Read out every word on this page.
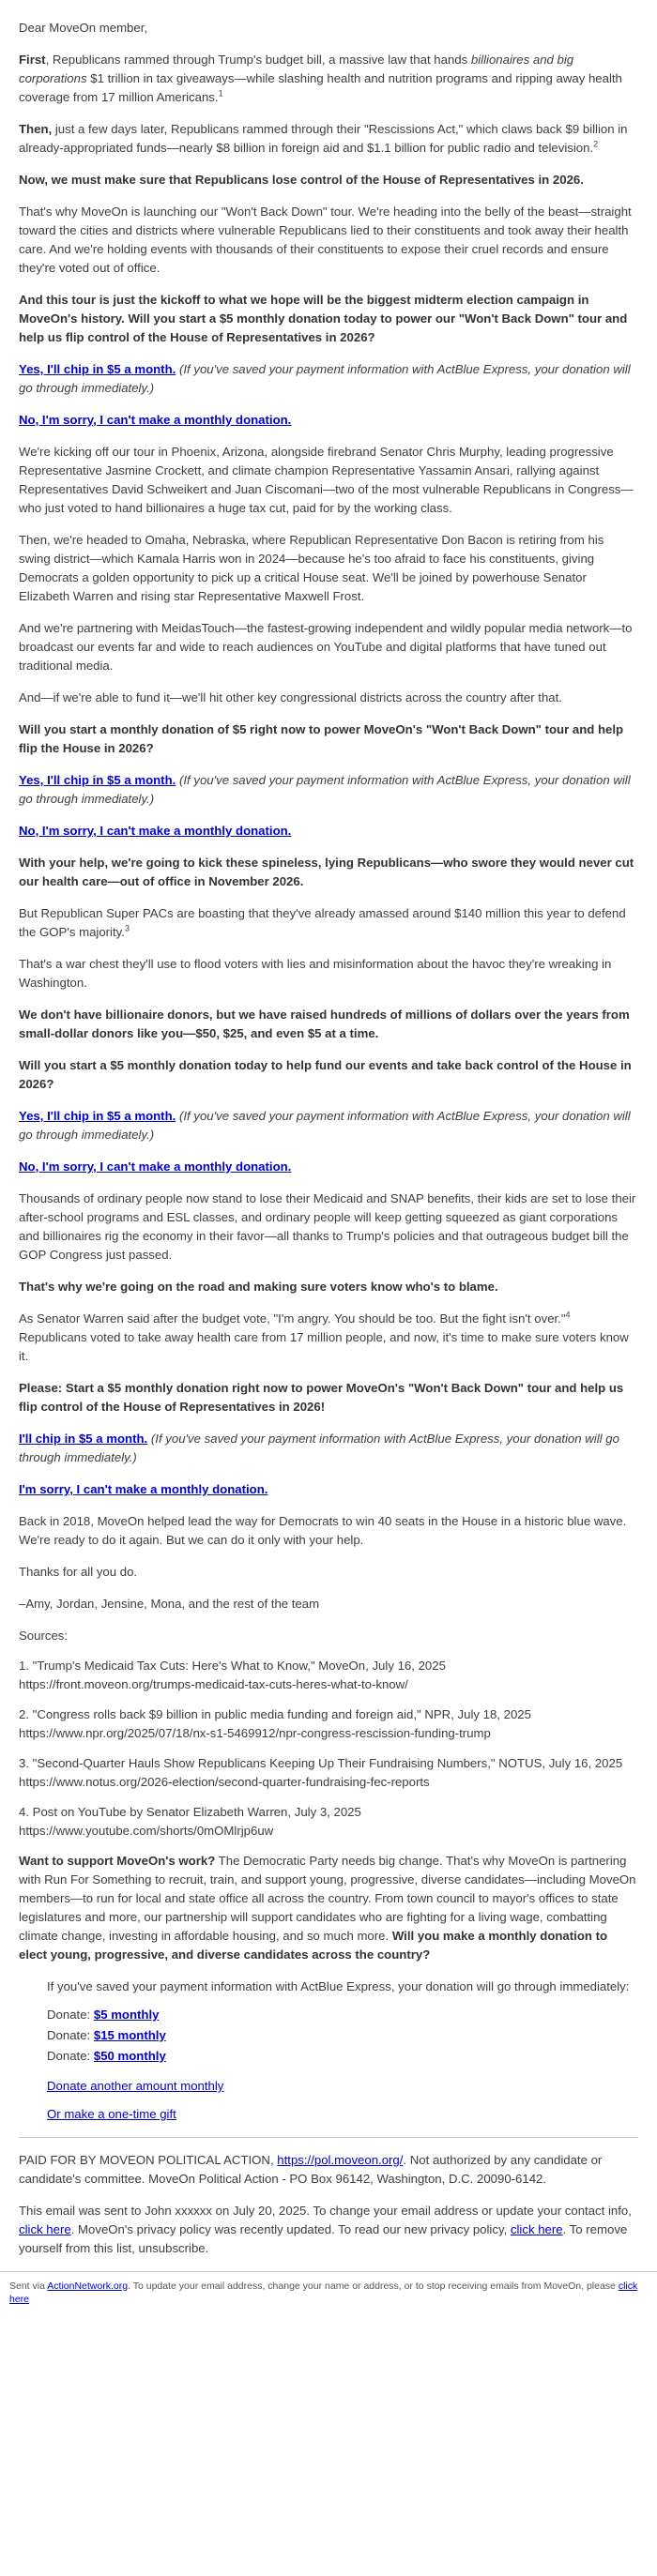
Dear MoveOn member,

First, Republicans rammed through Trump's budget bill, a massive law that hands billionaires and big corporations $1 trillion in tax giveaways—while slashing health and nutrition programs and ripping away health coverage from 17 million Americans.$^1$

Then, just a few days later, Republicans rammed through their "Rescissions Act," which claws back $9 billion in already-appropriated funds—nearly $8 billion in foreign aid and $1.1 billion for public radio and television.$^2$

Now, we must make sure that Republicans lose control of the House of Representatives in 2026.

That's why MoveOn is launching our "Won't Back Down" tour. We're heading into the belly of the beast—straight toward the cities and districts where vulnerable Republicans lied to their constituents and took away their health care. And we're holding events with thousands of their constituents to expose their cruel records and ensure they're voted out of office.

And this tour is just the kickoff to what we hope will be the biggest midterm election campaign in MoveOn's history. Will you start a $5 monthly donation today to power our "Won't Back Down" tour and help us flip control of the House of Representatives in 2026?

Yes, I'll chip in $5 a month. (If you've saved your payment information with ActBlue Express, your donation will go through immediately.)

No, I'm sorry, I can't make a monthly donation.

We're kicking off our tour in Phoenix, Arizona, alongside firebrand Senator Chris Murphy, leading progressive Representative Jasmine Crockett, and climate champion Representative Yassamin Ansari, rallying against Representatives David Schweikert and Juan Ciscomani—two of the most vulnerable Republicans in Congress—who just voted to hand billionaires a huge tax cut, paid for by the working class.

Then, we're headed to Omaha, Nebraska, where Republican Representative Don Bacon is retiring from his swing district—which Kamala Harris won in 2024—because he's too afraid to face his constituents, giving Democrats a golden opportunity to pick up a critical House seat. We'll be joined by powerhouse Senator Elizabeth Warren and rising star Representative Maxwell Frost.

And we're partnering with MeidasTouch—the fastest-growing independent and wildly popular media network—to broadcast our events far and wide to reach audiences on YouTube and digital platforms that have tuned out traditional media.

And—if we're able to fund it—we'll hit other key congressional districts across the country after that.

Will you start a monthly donation of $5 right now to power MoveOn's "Won't Back Down" tour and help flip the House in 2026?

Yes, I'll chip in $5 a month. (If you've saved your payment information with ActBlue Express, your donation will go through immediately.)

No, I'm sorry, I can't make a monthly donation.

With your help, we're going to kick these spineless, lying Republicans—who swore they would never cut our health care—out of office in November 2026.

But Republican Super PACs are boasting that they've already amassed around $140 million this year to defend the GOP's majority.$^3$

That's a war chest they'll use to flood voters with lies and misinformation about the havoc they're wreaking in Washington.

We don't have billionaire donors, but we have raised hundreds of millions of dollars over the years from small-dollar donors like you—$50, $25, and even $5 at a time.

Will you start a $5 monthly donation today to help fund our events and take back control of the House in 2026?

Yes, I'll chip in $5 a month. (If you've saved your payment information with ActBlue Express, your donation will go through immediately.)

No, I'm sorry, I can't make a monthly donation.

Thousands of ordinary people now stand to lose their Medicaid and SNAP benefits, their kids are set to lose their after-school programs and ESL classes, and ordinary people will keep getting squeezed as giant corporations and billionaires rig the economy in their favor—all thanks to Trump's policies and that outrageous budget bill the GOP Congress just passed.

That's why we're going on the road and making sure voters know who's to blame.

As Senator Warren said after the budget vote, "I'm angry. You should be too. But the fight isn't over."$^4$ Republicans voted to take away health care from 17 million people, and now, it's time to make sure voters know it.

Please: Start a $5 monthly donation right now to power MoveOn's "Won't Back Down" tour and help us flip control of the House of Representatives in 2026!

I'll chip in $5 a month. (If you've saved your payment information with ActBlue Express, your donation will go through immediately.)

I'm sorry, I can't make a monthly donation.

Back in 2018, MoveOn helped lead the way for Democrats to win 40 seats in the House in a historic blue wave. We're ready to do it again. But we can do it only with your help.

Thanks for all you do.

–Amy, Jordan, Jensine, Mona, and the rest of the team

Sources:

1. "Trump's Medicaid Tax Cuts: Here's What to Know," MoveOn, July 16, 2025
https://front.moveon.org/trumps-medicaid-tax-cuts-heres-what-to-know/

2. "Congress rolls back $9 billion in public media funding and foreign aid," NPR, July 18, 2025
https://www.npr.org/2025/07/18/nx-s1-5469912/npr-congress-rescission-funding-trump

3. "Second-Quarter Hauls Show Republicans Keeping Up Their Fundraising Numbers," NOTUS, July 16, 2025
https://www.notus.org/2026-election/second-quarter-fundraising-fec-reports

4. Post on YouTube by Senator Elizabeth Warren, July 3, 2025
https://www.youtube.com/shorts/0mOMlrjp6uw

Want to support MoveOn's work? The Democratic Party needs big change. That's why MoveOn is partnering with Run For Something to recruit, train, and support young, progressive, diverse candidates—including MoveOn members—to run for local and state office all across the country. From town council to mayor's offices to state legislatures and more, our partnership will support candidates who are fighting for a living wage, combatting climate change, investing in affordable housing, and so much more. Will you make a monthly donation to elect young, progressive, and diverse candidates across the country?

If you've saved your payment information with ActBlue Express, your donation will go through immediately:

Donate: $5 monthly
Donate: $15 monthly
Donate: $50 monthly

Donate another amount monthly

Or make a one-time gift

PAID FOR BY MOVEON POLITICAL ACTION, https://pol.moveon.org/. Not authorized by any candidate or candidate's committee. MoveOn Political Action - PO Box 96142, Washington, D.C. 20090-6142.

This email was sent to John xxxxxx on July 20, 2025. To change your email address or update your contact info, click here. MoveOn's privacy policy was recently updated. To read our new privacy policy, click here. To remove yourself from this list, unsubscribe.

Sent via ActionNetwork.org. To update your email address, change your name or address, or to stop receiving emails from MoveOn, please click here
